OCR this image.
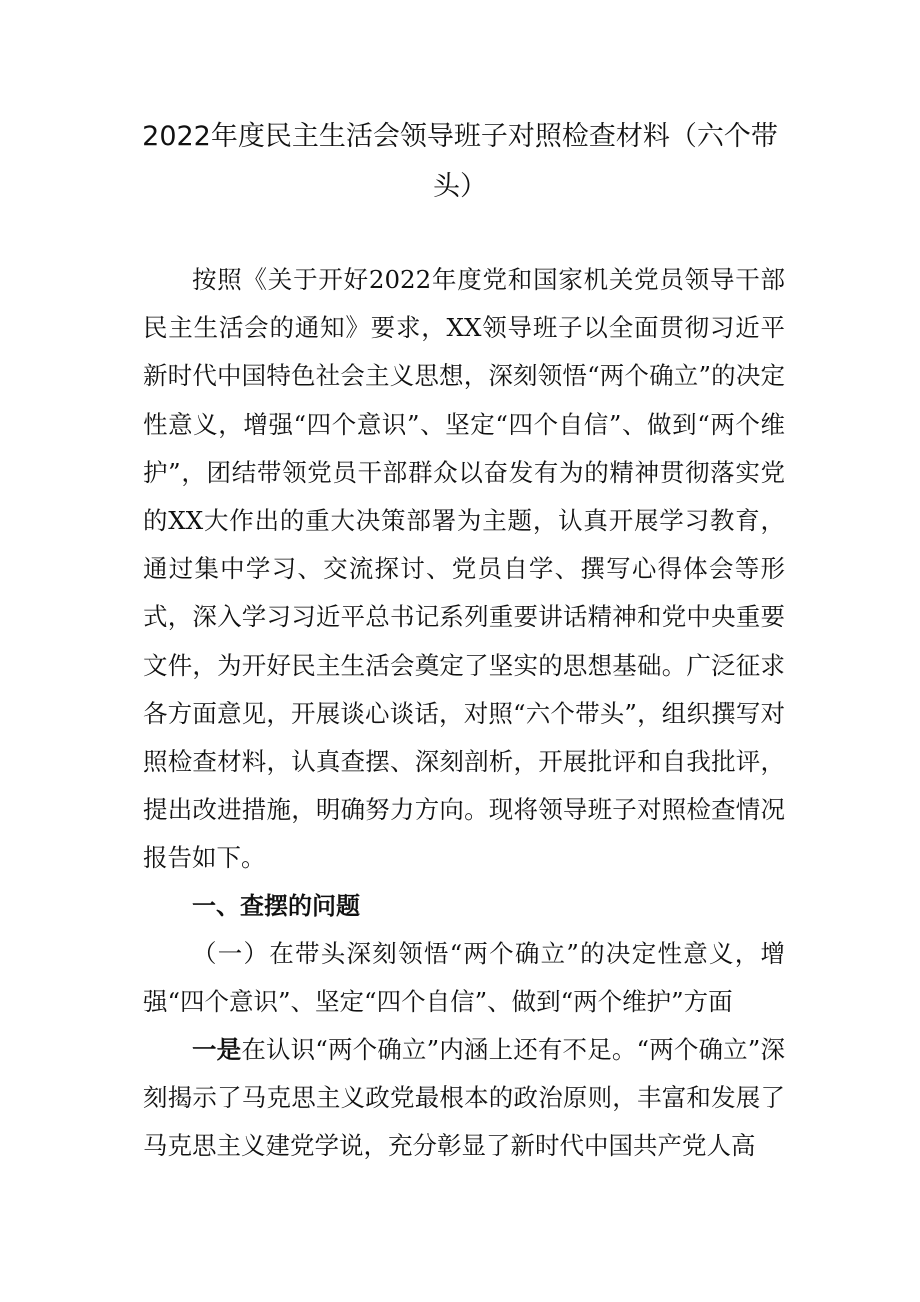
2022年度民主生活会领导班子对照检查材料（六个带头）

按照《关于开好2022年度党和国家机关党员领导干部民主生活会的通知》要求，XX领导班子以全面贯彻习近平新时代中国特色社会主义思想，深刻领悟“两个确立”的决定性意义，增强“四个意识”、坚定“四个自信”、做到“两个维护”，团结带领党员干部群众以奋发有为的精神贯彻落实党的XX大作出的重大决策部署为主题，认真开展学习教育，通过集中学习、交流探讨、党员自学、撰写心得体会等形式，深入学习习近平总书记系列重要讲话精神和党中央重要文件，为开好民主生活会奠定了坚实的思想基础。广泛征求各方面意见，开展谈心谈话，对照“六个带头”，组织撰写对照检查材料，认真查摆、深刻剖析，开展批评和自我批评，提出改进措施，明确努力方向。现将领导班子对照检查情况报告如下。

一、查摆的问题

（一）在带头深刻领悟“两个确立”的决定性意义，增强“四个意识”、坚定“四个自信”、做到“两个维护”方面

一是在认识“两个确立”内涵上还有不足。“两个确立”深刻揭示了马克思主义政党最根本的政治原则，丰富和发展了马克思主义建党学说，充分彰显了新时代中国共产党人高
